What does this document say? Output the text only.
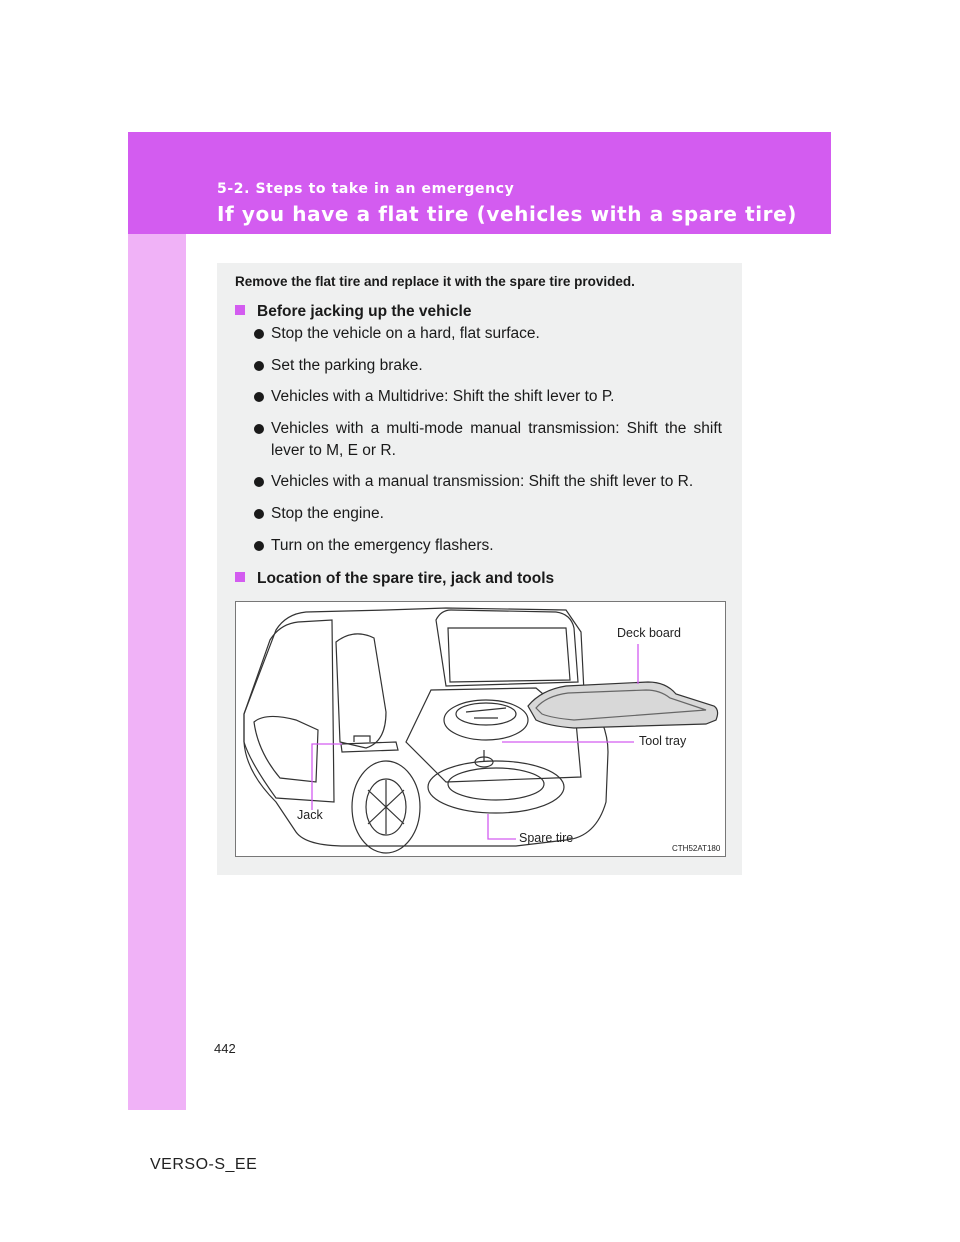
5-2. Steps to take in an emergency
If you have a flat tire (vehicles with a spare tire)
Remove the flat tire and replace it with the spare tire provided.
Before jacking up the vehicle
Stop the vehicle on a hard, flat surface.
Set the parking brake.
Vehicles with a Multidrive: Shift the shift lever to P.
Vehicles with a multi-mode manual transmission: Shift the shift lever to M, E or R.
Vehicles with a manual transmission: Shift the shift lever to R.
Stop the engine.
Turn on the emergency flashers.
Location of the spare tire, jack and tools
Deck board
Tool tray
Jack
Spare tire
CTH52AT180
442
VERSO-S_EE
